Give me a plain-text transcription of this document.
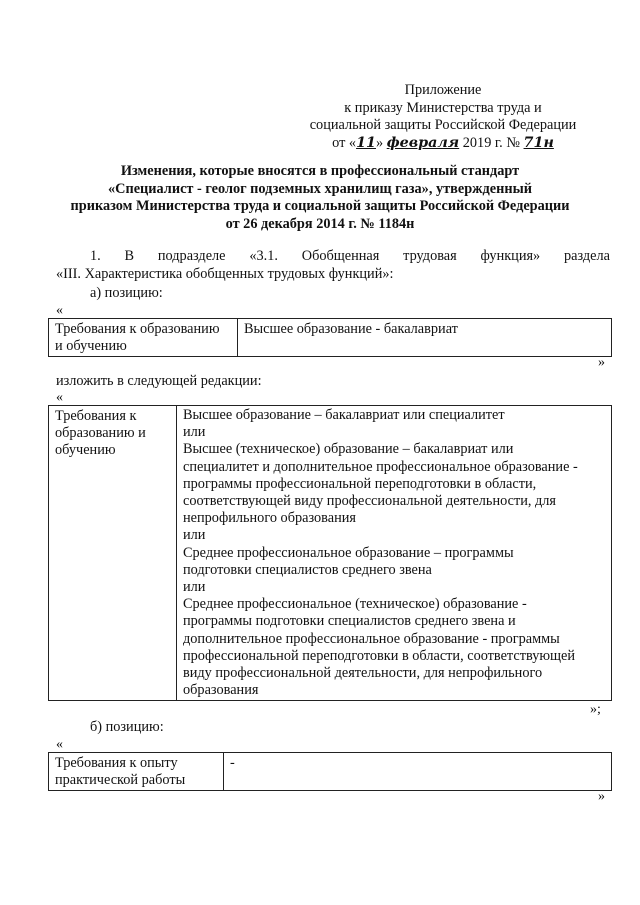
Приложение
к приказу Министерства труда и
социальной защиты Российской Федерации
от «11» февраля 2019 г. № 71н
Изменения, которые вносятся в профессиональный стандарт
«Специалист - геолог подземных хранилищ газа», утвержденный
приказом Министерства труда и социальной защиты Российской Федерации
от 26 декабря 2014 г. № 1184н
1. В подразделе «3.1. Обобщенная трудовая функция» раздела
«III. Характеристика обобщенных трудовых функций»:
а) позицию:
«
Требования к образованию
и обучению
	Высшее образование - бакалавриат
»
изложить в следующей редакции:
«
Требования к
образованию и
обучению

Высшее образование – бакалавриат или специалитет
или
Высшее (техническое) образование – бакалавриат или
специалитет и дополнительное профессиональное образование -
программы профессиональной переподготовки в области,
соответствующей виду профессиональной деятельности, для
непрофильного образования
или
Среднее профессиональное образование – программы
подготовки специалистов среднего звена
или
Среднее профессиональное (техническое) образование -
программы подготовки специалистов среднего звена и
дополнительное профессиональное образование - программы
профессиональной переподготовки в области, соответствующей
виду профессиональной деятельности, для непрофильного
образования
»;
б) позицию:
«
Требования к опыту
практической работы
	-
»
